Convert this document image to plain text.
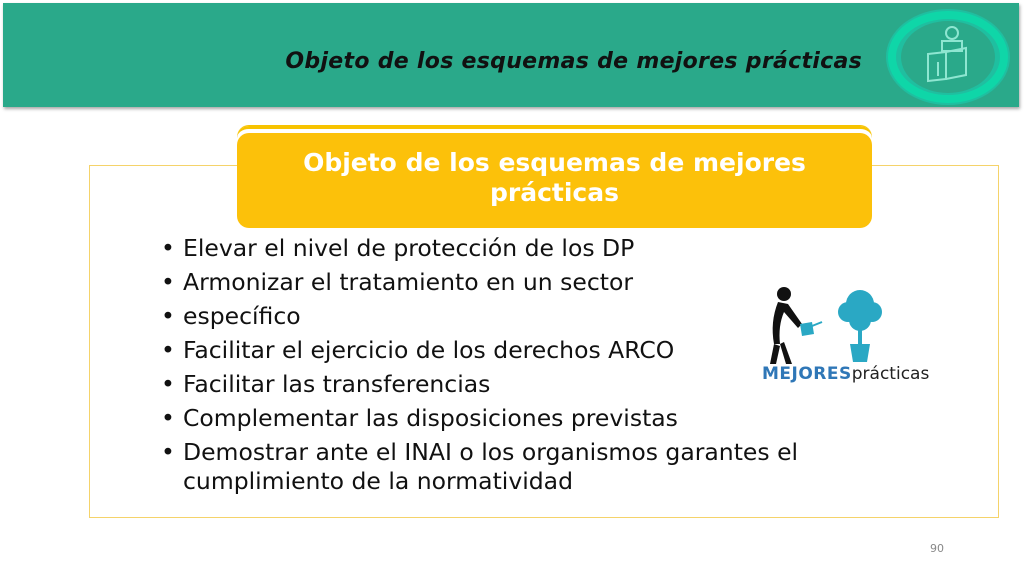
Objeto de los esquemas de mejores prácticas
Objeto de los esquemas de mejores prácticas
• Elevar el nivel de protección de los DP
• Armonizar el tratamiento en un sector
• específico
• Facilitar el ejercicio de los derechos ARCO
• Facilitar las transferencias
• Complementar las disposiciones previstas
• Demostrar ante el INAI o los organismos garantes el cumplimiento de la normatividad
MEJORESprácticas
90
